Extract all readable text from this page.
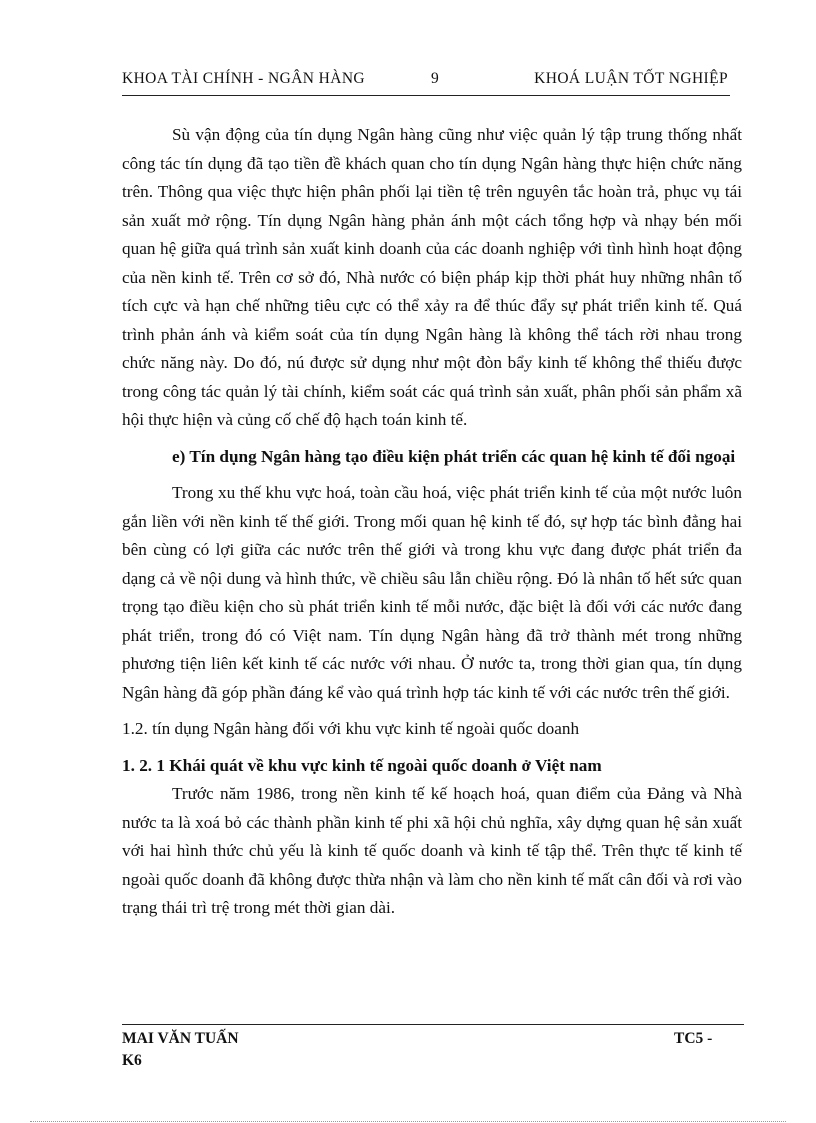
KHOA TÀI CHÍNH - NGÂN HÀNG	9	KHOÁ LUẬN TỐT NGHIỆP

Sù vận động của tín dụng Ngân hàng cũng như việc quản lý tập trung thống nhất công tác tín dụng đã tạo tiền đề khách quan cho tín dụng Ngân hàng thực hiện chức năng trên. Thông qua việc thực hiện phân phối lại tiền tệ trên nguyên tắc hoàn trả, phục vụ tái sản xuất mở rộng. Tín dụng Ngân hàng phản ánh một cách tổng hợp và nhạy bén mối quan hệ giữa quá trình sản xuất kinh doanh của các doanh nghiệp với tình hình hoạt động của nền kinh tế. Trên cơ sở đó, Nhà nước có biện pháp kịp thời phát huy những nhân tố tích cực và hạn chế những tiêu cực có thể xảy ra để thúc đẩy sự phát triển kinh tế. Quá trình phản ánh và kiểm soát của tín dụng Ngân hàng là không thể tách rời nhau trong chức năng này. Do đó, nú được sử dụng như một đòn bẩy kinh tế không thể thiếu được trong công tác quản lý tài chính, kiểm soát các quá trình sản xuất, phân phối sản phẩm xã hội thực hiện và củng cố chế độ hạch toán kinh tế.

e) Tín dụng Ngân hàng tạo điều kiện phát triển các quan hệ kinh tế đối ngoại

Trong xu thế khu vực hoá, toàn cầu hoá, việc phát triển kinh tế của một nước luôn gắn liền với nền kinh tế thế giới. Trong mối quan hệ kinh tế đó, sự hợp tác bình đẳng hai bên cùng có lợi giữa các nước trên thế giới và trong khu vực đang được phát triển đa dạng cả về nội dung và hình thức, về chiều sâu lẫn chiều rộng. Đó là nhân tố hết sức quan trọng tạo điều kiện cho sù phát triển kinh tế mỗi nước, đặc biệt là đối với các nước đang phát triển, trong đó có Việt nam. Tín dụng Ngân hàng đã trở thành mét trong những phương tiện liên kết kinh tế các nước với nhau. Ở nước ta, trong thời gian qua, tín dụng Ngân hàng đã góp phần đáng kể vào quá trình hợp tác kinh tế với các nước trên thế giới.

1.2. tín dụng Ngân hàng đối với khu vực kinh tế ngoài quốc doanh

1. 2. 1 Khái quát về khu vực kinh tế ngoài quốc doanh ở Việt nam

Trước năm 1986, trong nền kinh tế kế hoạch hoá, quan điểm của Đảng và Nhà nước ta là xoá bỏ các thành phần kinh tế phi xã hội chủ nghĩa, xây dựng quan hệ sản xuất với hai hình thức chủ yếu là kinh tế quốc doanh và kinh tế tập thể. Trên thực tế kinh tế ngoài quốc doanh đã không được thừa nhận và làm cho nền kinh tế mất cân đối và rơi vào trạng thái trì trệ trong mét thời gian dài.

MAI VĂN TUẤN	TC5 -
K6
